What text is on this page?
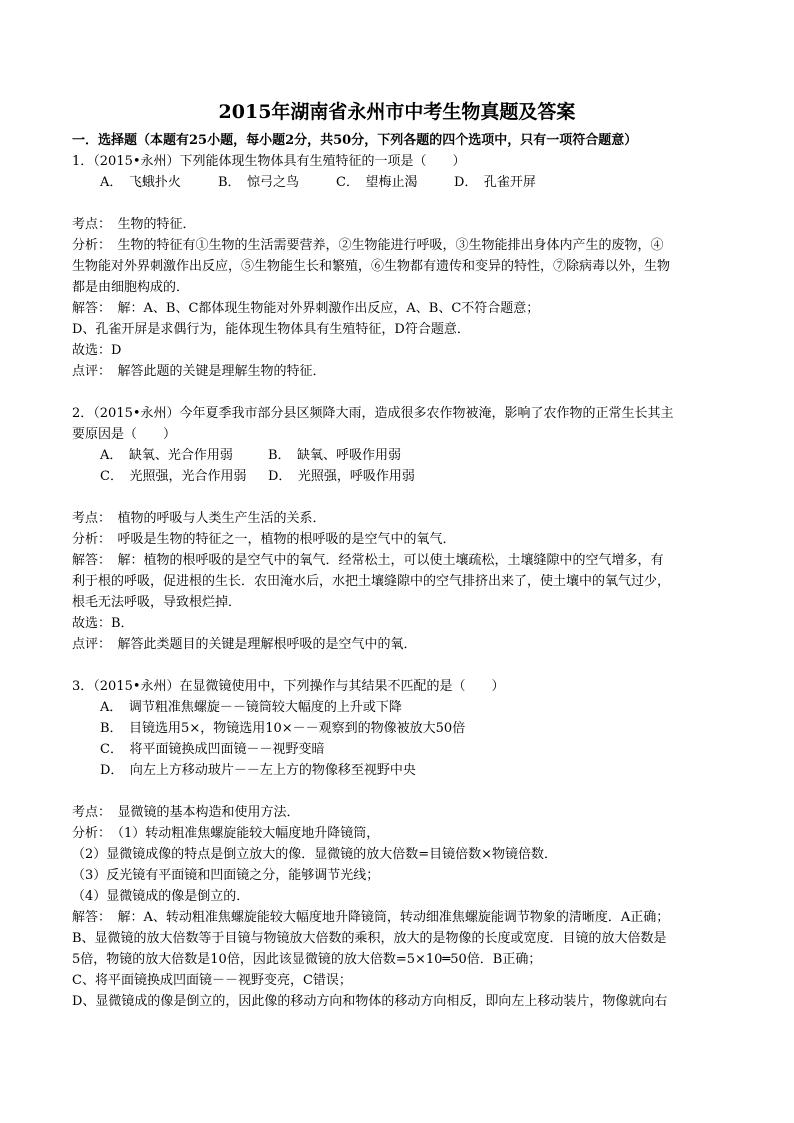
2015年湖南省永州市中考生物真题及答案
一．选择题（本题有25小题，每小题2分，共50分，下列各题的四个选项中，只有一项符合题意）
1．（2015•永州）下列能体现生物体具有生殖特征的一项是（　　）
A．　飞蛾扑火	B．　惊弓之鸟	C．　望梅止渴	D．　孔雀开屏
考点：　生物的特征．
分析：　生物的特征有①生物的生活需要营养，②生物能进行呼吸，③生物能排出身体内产生的废物，④
生物能对外界刺激作出反应，⑤生物能生长和繁殖，⑥生物都有遗传和变异的特性，⑦除病毒以外，生物
都是由细胞构成的．
解答：　解：A、B、C都体现生物能对外界刺激作出反应，A、B、C不符合题意；
D、孔雀开屏是求偶行为，能体现生物体具有生殖特征，D符合题意．
故选：D
点评：　解答此题的关键是理解生物的特征．
2．（2015•永州）今年夏季我市部分县区频降大雨，造成很多农作物被淹，影响了农作物的正常生长其主
要原因是（　　）
A．　缺氧、光合作用弱	B．　缺氧、呼吸作用弱
C．　光照强，光合作用弱 D．　光照强，呼吸作用弱
考点：　植物的呼吸与人类生产生活的关系．
分析：　呼吸是生物的特征之一，植物的根呼吸的是空气中的氧气．
解答：　解：植物的根呼吸的是空气中的氧气．经常松土，可以使土壤疏松，土壤缝隙中的空气增多，有
利于根的呼吸，促进根的生长．农田淹水后，水把土壤缝隙中的空气排挤出来了，使土壤中的氧气过少，
根毛无法呼吸，导致根烂掉．
故选：B．
点评：　解答此类题目的关键是理解根呼吸的是空气中的氧．
3．（2015•永州）在显微镜使用中，下列操作与其结果不匹配的是（　　）
A．　调节粗准焦螺旋－－镜筒较大幅度的上升或下降
B．　目镜选用5×，物镜选用10×－－观察到的物像被放大50倍
C．　将平面镜换成凹面镜－－视野变暗
D．　向左上方移动玻片－－左上方的物像移至视野中央
考点：　显微镜的基本构造和使用方法．
分析：　（1）转动粗准焦螺旋能较大幅度地升降镜筒，
（2）显微镜成像的特点是倒立放大的像．显微镜的放大倍数=目镜倍数×物镜倍数．
（3）反光镜有平面镜和凹面镜之分，能够调节光线；
（4）显微镜成的像是倒立的．
解答：　解：A、转动粗准焦螺旋能较大幅度地升降镜筒，转动细准焦螺旋能调节物象的清晰度．A正确；
B、显微镜的放大倍数等于目镜与物镜放大倍数的乘积，放大的是物像的长度或宽度．目镜的放大倍数是
5倍，物镜的放大倍数是10倍，因此该显微镜的放大倍数=5×10═50倍．B正确；
C、将平面镜换成凹面镜－－视野变亮，C错误；
D、显微镜成的像是倒立的，因此像的移动方向和物体的移动方向相反，即向左上移动装片，物像就向右
